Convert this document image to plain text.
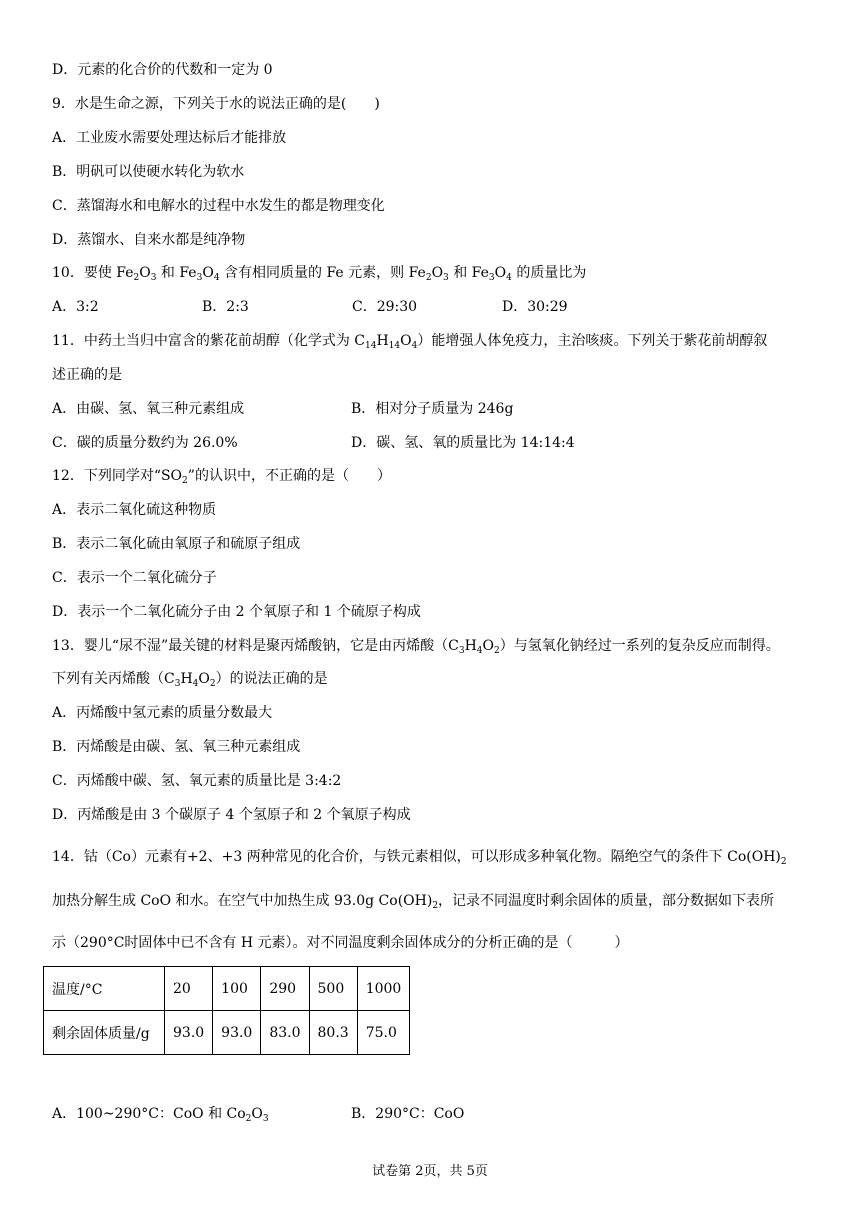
D．元素的化合价的代数和一定为 0
9．水是生命之源，下列关于水的说法正确的是(　　)
A．工业废水需要处理达标后才能排放
B．明矾可以使硬水转化为软水
C．蒸馏海水和电解水的过程中水发生的都是物理变化
D．蒸馏水、自来水都是纯净物
10．要使 $Fe_2O_3$ 和 $Fe_3O_4$ 含有相同质量的 Fe 元素，则 $Fe_2O_3$ 和 $Fe_3O_4$ 的质量比为
A．3:2	B．2:3	C．29:30	D．30:29
11．中药土当归中富含的紫花前胡醇（化学式为 $C_{14}H_{14}O_4$）能增强人体免疫力，主治咳痰。下列关于紫花前胡醇叙
述正确的是
A．由碳、氢、氧三种元素组成	B．相对分子质量为 246g
C．碳的质量分数约为 26.0%	D．碳、氢、氧的质量比为 14:14:4
12．下列同学对“$SO_2$”的认识中，不正确的是（　　）
A．表示二氧化硫这种物质
B．表示二氧化硫由氧原子和硫原子组成
C．表示一个二氧化硫分子
D．表示一个二氧化硫分子由 2 个氧原子和 1 个硫原子构成
13．婴儿“尿不湿”最关键的材料是聚丙烯酸钠，它是由丙烯酸$(C_3H_4O_2)$与氢氧化钠经过一系列的复杂反应而制得。
下列有关丙烯酸$(C_3H_4O_2)$的说法正确的是
A．丙烯酸中氢元素的质量分数最大
B．丙烯酸是由碳、氢、氧三种元素组成
C．丙烯酸中碳、氢、氧元素的质量比是 3:4:2
D．丙烯酸是由 3 个碳原子 4 个氢原子和 2 个氧原子构成
14．钴（Co）元素有+2、+3 两种常见的化合价，与铁元素相似，可以形成多种氧化物。隔绝空气的条件下 $Co(OH)_2$
加热分解生成 CoO 和水。在空气中加热生成 93.0g $Co(OH)_2$，记录不同温度时剩余固体的质量，部分数据如下表所
示（290°C时固体中已不含有 H 元素）。对不同温度剩余固体成分的分析正确的是（　　　）
温度/°C	20	100	290	500	1000
剩余固体质量/g	93.0	93.0	83.0	80.3	75.0
A．100~290°C：CoO 和 $Co_2O_3$	B．290°C：CoO
试卷第 2页，共 5页
